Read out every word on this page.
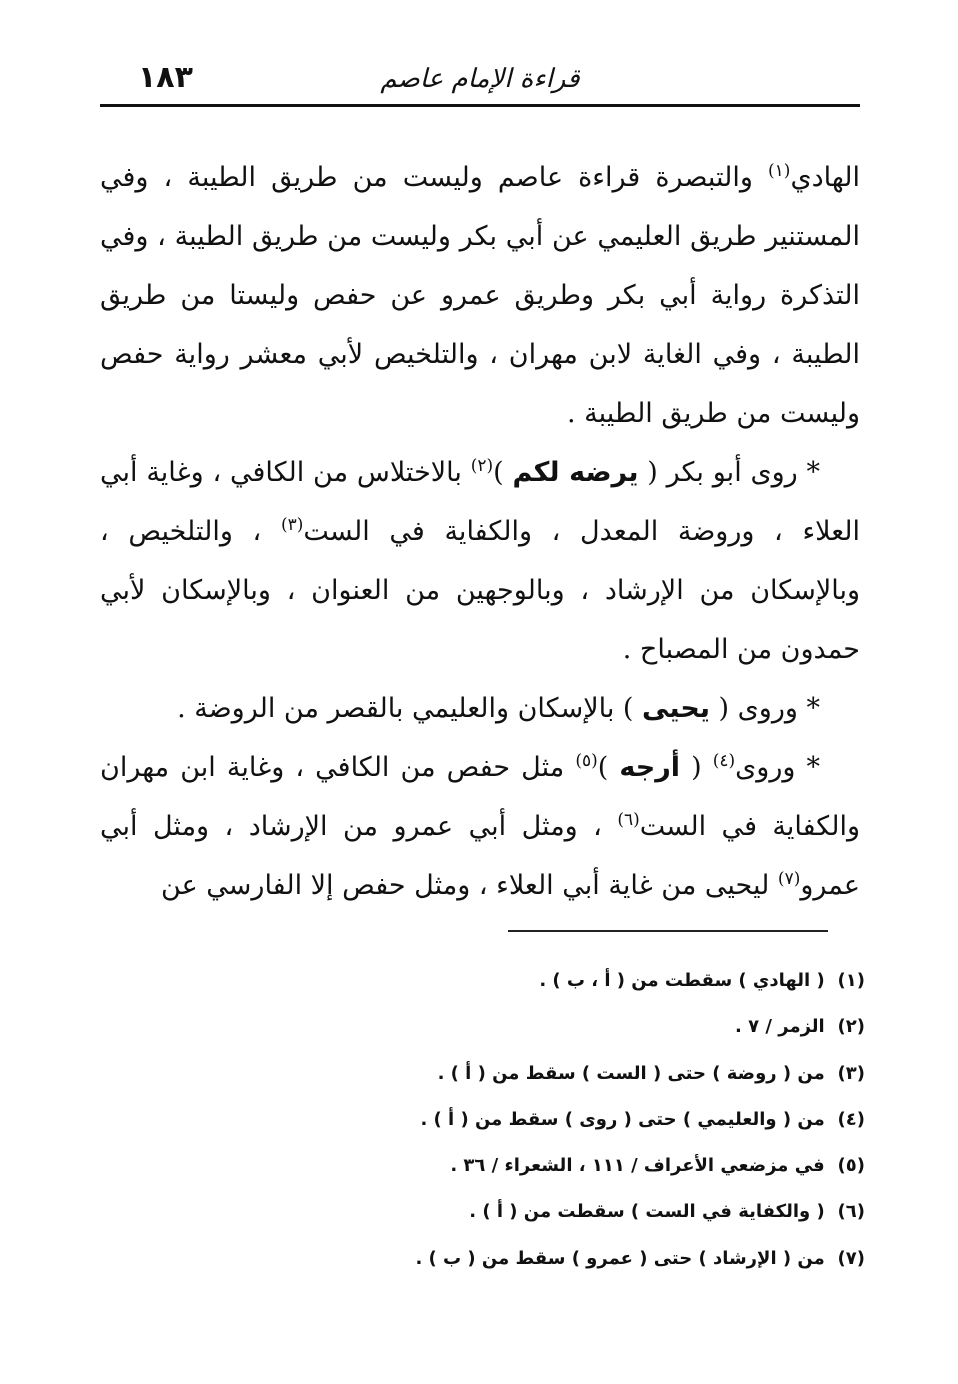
١٨٣	قراءة الإمام عاصم

الهادي$^{(١)}$ والتبصرة قراءة عاصم وليست من طريق الطيبة ، وفي المستنير طريق العليمي عن أبي بكر وليست من طريق الطيبة ، وفي التذكرة رواية أبي بكر وطريق عمرو عن حفص وليستا من طريق الطيبة ، وفي الغاية لابن مهران ، والتلخيص لأبي معشر رواية حفص وليست من طريق الطيبة .

* روى أبو بكر ( يرضه لكم )$^{(٢)}$ بالاختلاس من الكافي ، وغاية أبي العلاء ، وروضة المعدل ، والكفاية في الست$^{(٣)}$ ، والتلخيص ، وبالإسكان من الإرشاد ، وبالوجهين من العنوان ، وبالإسكان لأبي حمدون من المصباح .

* وروى ( يحيى ) بالإسكان والعليمي بالقصر من الروضة .

* وروى$^{(٤)}$ ( أرجه )$^{(٥)}$ مثل حفص من الكافي ، وغاية ابن مهران والكفاية في الست$^{(٦)}$ ، ومثل أبي عمرو من الإرشاد ، ومثل أبي عمرو$^{(٧)}$ ليحيى من غاية أبي العلاء ، ومثل حفص إلا الفارسي عن

(١) ( الهادي ) سقطت من ( أ ، ب ) .
(٢) الزمر / ٧ .
(٣) من ( روضة ) حتى ( الست ) سقط من ( أ ) .
(٤) من ( والعليمي ) حتى ( روى ) سقط من ( أ ) .
(٥) في مزضعي الأعراف / ١١١ ، الشعراء / ٣٦ .
(٦) ( والكفاية في الست ) سقطت من ( أ ) .
(٧) من ( الإرشاد ) حتى ( عمرو ) سقط من ( ب ) .
